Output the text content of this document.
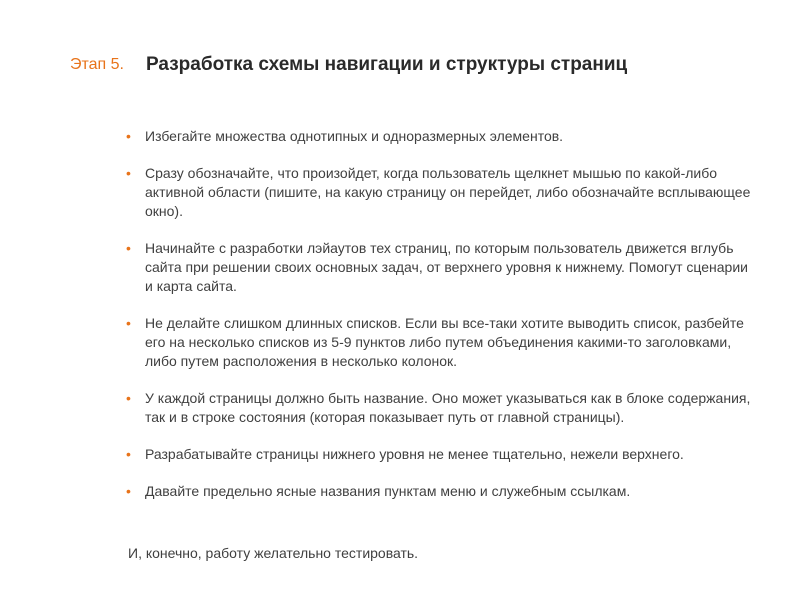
Этап 5. Разработка схемы навигации и структуры страниц
• Избегайте множества однотипных и одноразмерных элементов.
• Сразу обозначайте, что произойдет, когда пользователь щелкнет мышью по какой-либо активной области (пишите, на какую страницу он перейдет, либо обозначайте всплывающее окно).
• Начинайте с разработки лэйаутов тех страниц, по которым пользователь движется вглубь сайта при решении своих основных задач, от верхнего уровня к нижнему. Помогут сценарии и карта сайта.
• Не делайте слишком длинных списков. Если вы все-таки хотите выводить список, разбейте его на несколько списков из 5-9 пунктов либо путем объединения какими-то заголовками, либо путем расположения в несколько колонок.
• У каждой страницы должно быть название. Оно может указываться как в блоке содержания, так и в строке состояния (которая показывает путь от главной страницы).
• Разрабатывайте страницы нижнего уровня не менее тщательно, нежели верхнего.
• Давайте предельно ясные названия пунктам меню и служебным ссылкам.
И, конечно, работу желательно тестировать.
